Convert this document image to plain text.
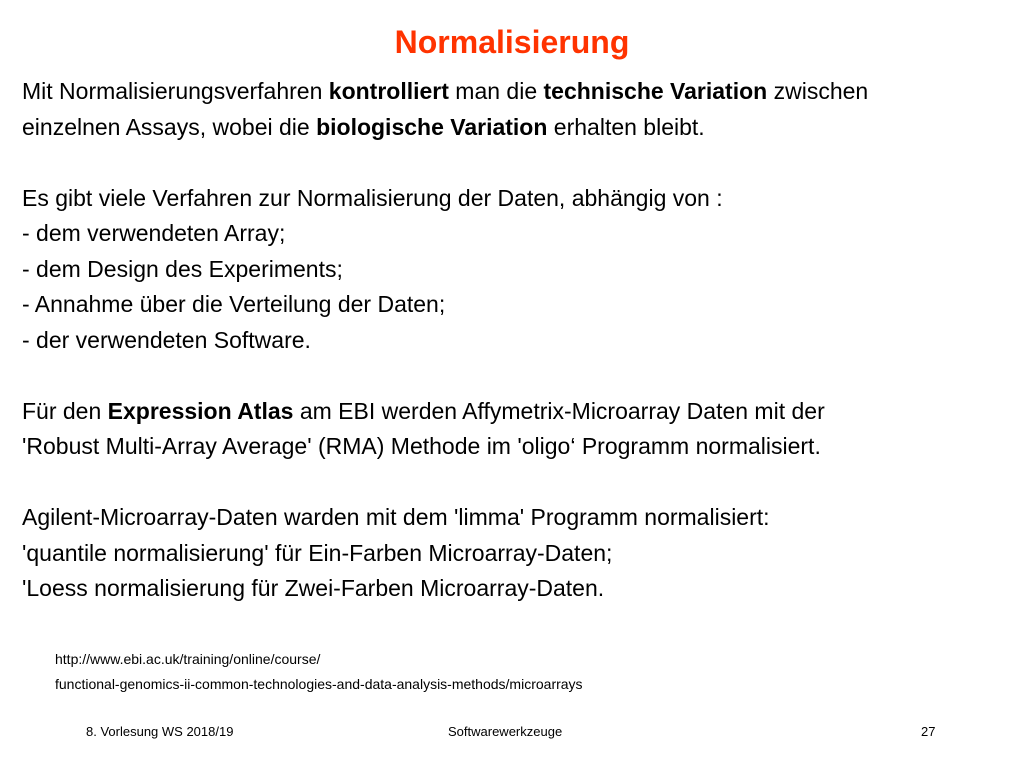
Normalisierung
Mit Normalisierungsverfahren kontrolliert man die technische Variation zwischen
einzelnen Assays, wobei die biologische Variation erhalten bleibt.
Es gibt viele Verfahren zur Normalisierung der Daten, abhängig von :
- dem verwendeten Array;
- dem Design des Experiments;
- Annahme über die Verteilung der Daten;
- der verwendeten Software.
Für den Expression Atlas am EBI werden Affymetrix-Microarray Daten mit der
'Robust Multi-Array Average' (RMA) Methode im 'oligo‘ Programm normalisiert.
Agilent-Microarray-Daten warden mit dem 'limma' Programm normalisiert:
'quantile normalisierung' für Ein-Farben Microarray-Daten;
'Loess normalisierung für Zwei-Farben Microarray-Daten.
http://www.ebi.ac.uk/training/online/course/
functional-genomics-ii-common-technologies-and-data-analysis-methods/microarrays
8. Vorlesung WS 2018/19	Softwarewerkzeuge	27
